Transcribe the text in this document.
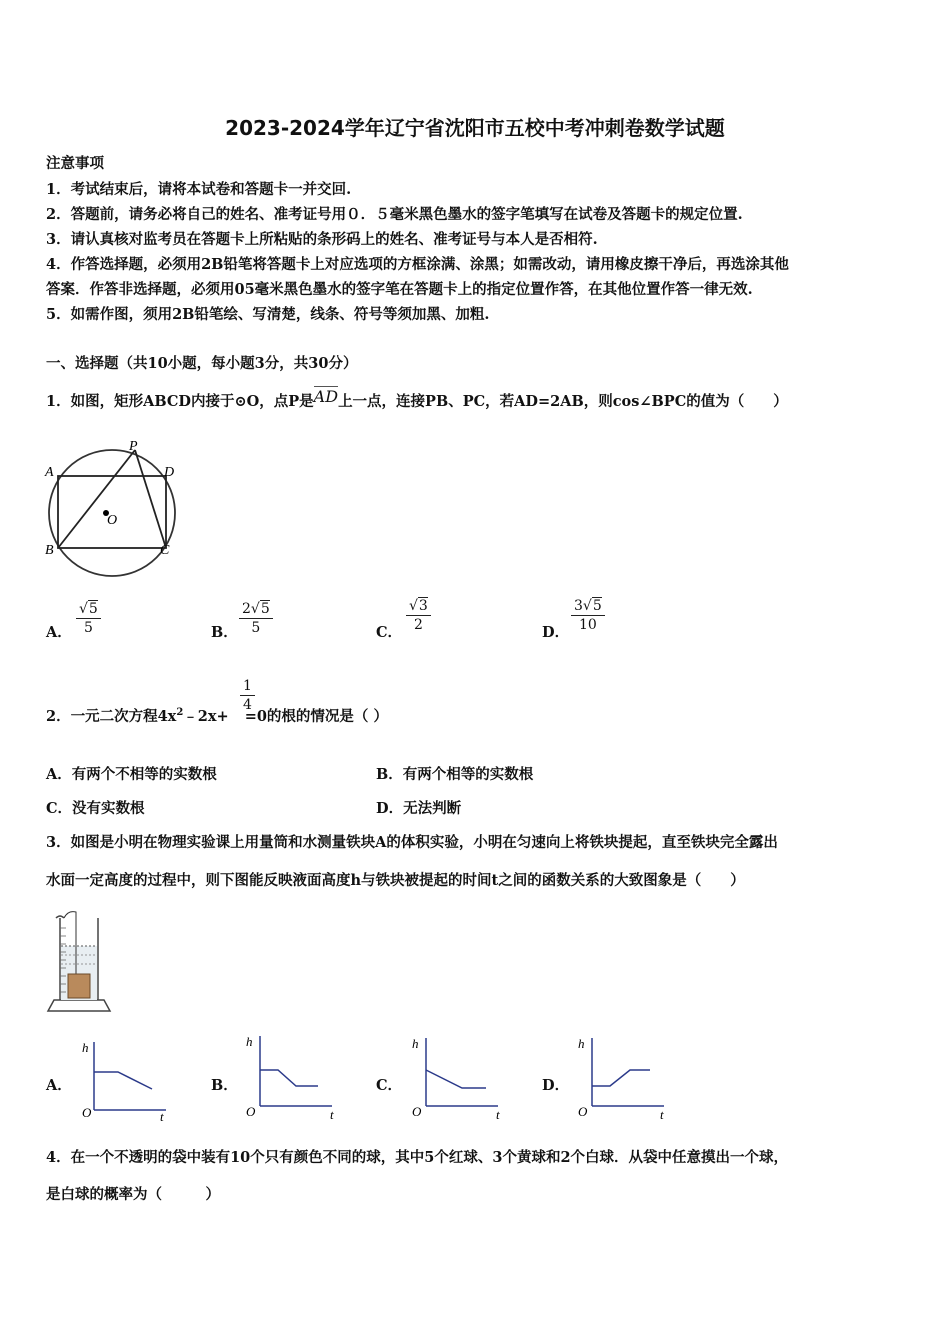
2023-2024学年辽宁省沈阳市五校中考冲刺卷数学试题
注意事项
1．考试结束后，请将本试卷和答题卡一并交回.
2．答题前，请务必将自己的姓名、准考证号用０．５毫米黑色墨水的签字笔填写在试卷及答题卡的规定位置.
3．请认真核对监考员在答题卡上所粘贴的条形码上的姓名、准考证号与本人是否相符.
4．作答选择题，必须用2B铅笔将答题卡上对应选项的方框涂满、涂黑；如需改动，请用橡皮擦干净后，再选涂其他
答案．作答非选择题，必须用05毫米黑色墨水的签字笔在答题卡上的指定位置作答，在其他位置作答一律无效.
5．如需作图，须用2B铅笔绘、写清楚，线条、符号等须加黑、加粗.
一、选择题（共10小题，每小题3分，共30分）
1．如图，矩形ABCD内接于⊙O，点P是AD上一点，连接PB、PC，若AD=2AB，则cos∠BPC的值为（　　）
P
A	D
O
B	C
A．
√5
5	B．
2√5
5	C．
√3
2	D．
3√5
10
2．一元二次方程$4x^2﹣2x+ =0$的根的情况是（ ）
1
4
A．有两个不相等的实数根	B．有两个相等的实数根
C．没有实数根	D．无法判断
3．如图是小明在物理实验课上用量筒和水测量铁块A的体积实验，小明在匀速向上将铁块提起，直至铁块完全露出
水面一定高度的过程中，则下图能反映液面高度h与铁块被提起的时间t之间的函数关系的大致图象是（　　）
A．
h
t
O
B．
h
t
O
C．
h
t
O
D．
h
t
O
4．在一个不透明的袋中装有10个只有颜色不同的球，其中5个红球、3个黄球和2个白球．从袋中任意摸出一个球，
是白球的概率为（　　　）
